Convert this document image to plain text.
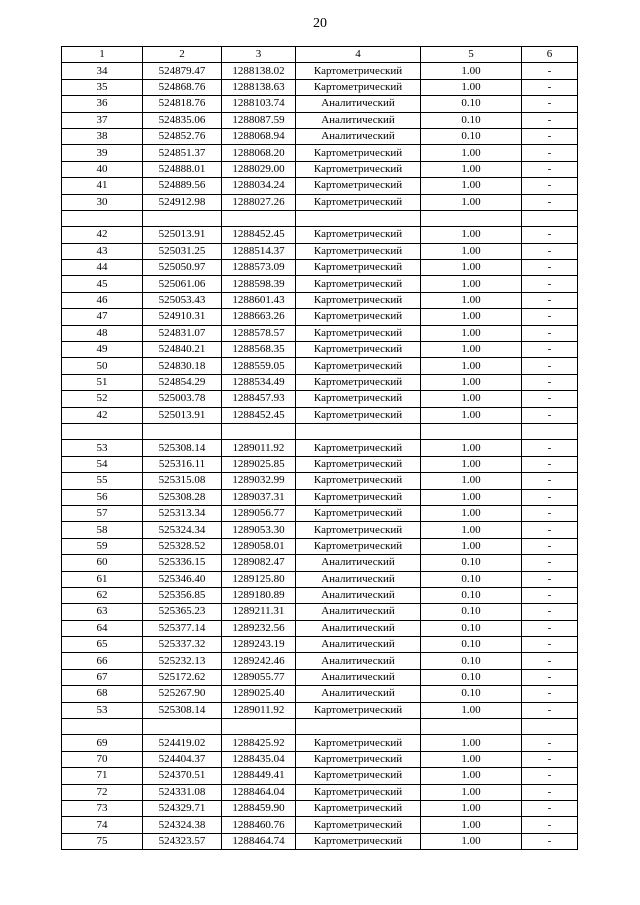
20
1	2	3	4	5	6
34	524879.47	1288138.02	Картометрический	1.00	-
35	524868.76	1288138.63	Картометрический	1.00	-
36	524818.76	1288103.74	Аналитический	0.10	-
37	524835.06	1288087.59	Аналитический	0.10	-
38	524852.76	1288068.94	Аналитический	0.10	-
39	524851.37	1288068.20	Картометрический	1.00	-
40	524888.01	1288029.00	Картометрический	1.00	-
41	524889.56	1288034.24	Картометрический	1.00	-
30	524912.98	1288027.26	Картометрический	1.00	-

42	525013.91	1288452.45	Картометрический	1.00	-
43	525031.25	1288514.37	Картометрический	1.00	-
44	525050.97	1288573.09	Картометрический	1.00	-
45	525061.06	1288598.39	Картометрический	1.00	-
46	525053.43	1288601.43	Картометрический	1.00	-
47	524910.31	1288663.26	Картометрический	1.00	-
48	524831.07	1288578.57	Картометрический	1.00	-
49	524840.21	1288568.35	Картометрический	1.00	-
50	524830.18	1288559.05	Картометрический	1.00	-
51	524854.29	1288534.49	Картометрический	1.00	-
52	525003.78	1288457.93	Картометрический	1.00	-
42	525013.91	1288452.45	Картометрический	1.00	-

53	525308.14	1289011.92	Картометрический	1.00	-
54	525316.11	1289025.85	Картометрический	1.00	-
55	525315.08	1289032.99	Картометрический	1.00	-
56	525308.28	1289037.31	Картометрический	1.00	-
57	525313.34	1289056.77	Картометрический	1.00	-
58	525324.34	1289053.30	Картометрический	1.00	-
59	525328.52	1289058.01	Картометрический	1.00	-
60	525336.15	1289082.47	Аналитический	0.10	-
61	525346.40	1289125.80	Аналитический	0.10	-
62	525356.85	1289180.89	Аналитический	0.10	-
63	525365.23	1289211.31	Аналитический	0.10	-
64	525377.14	1289232.56	Аналитический	0.10	-
65	525337.32	1289243.19	Аналитический	0.10	-
66	525232.13	1289242.46	Аналитический	0.10	-
67	525172.62	1289055.77	Аналитический	0.10	-
68	525267.90	1289025.40	Аналитический	0.10	-
53	525308.14	1289011.92	Картометрический	1.00	-

69	524419.02	1288425.92	Картометрический	1.00	-
70	524404.37	1288435.04	Картометрический	1.00	-
71	524370.51	1288449.41	Картометрический	1.00	-
72	524331.08	1288464.04	Картометрический	1.00	-
73	524329.71	1288459.90	Картометрический	1.00	-
74	524324.38	1288460.76	Картометрический	1.00	-
75	524323.57	1288464.74	Картометрический	1.00	-
